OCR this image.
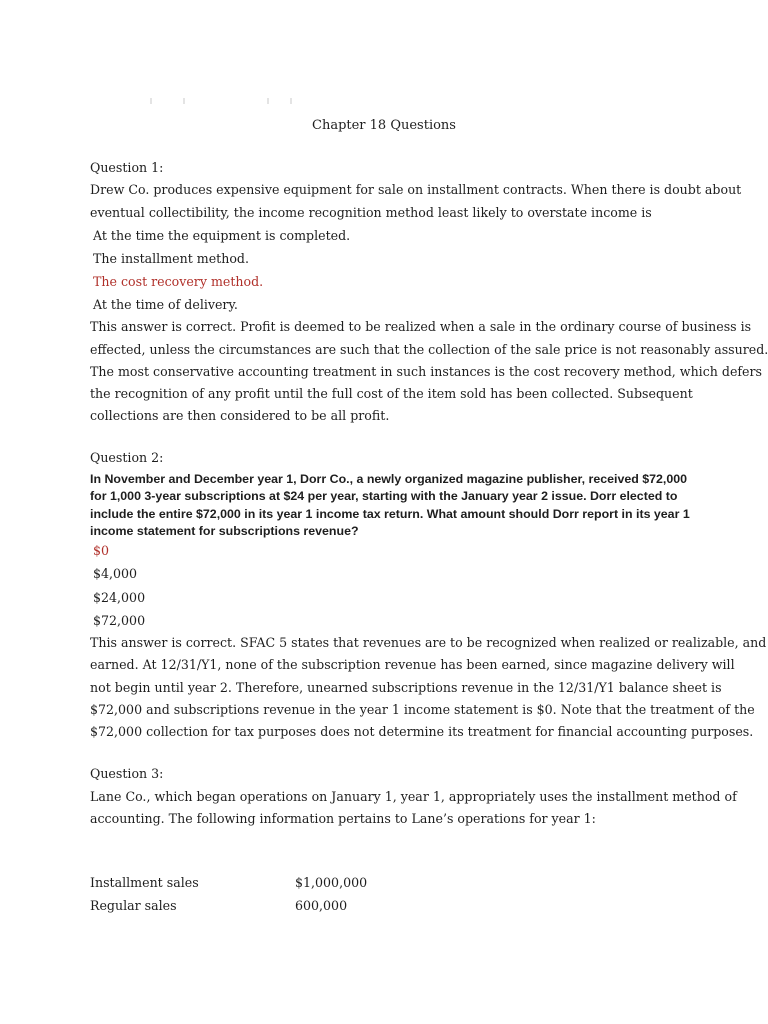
Chapter 18 Questions
Question 1:
Drew Co. produces expensive equipment for sale on installment contracts. When there is doubt about
eventual collectibility, the income recognition method least likely to overstate income is
At the time the equipment is completed.
The installment method.
The cost recovery method.
At the time of delivery.
This answer is correct. Profit is deemed to be realized when a sale in the ordinary course of business is
effected, unless the circumstances are such that the collection of the sale price is not reasonably assured.
The most conservative accounting treatment in such instances is the cost recovery method, which defers
the recognition of any profit until the full cost of the item sold has been collected. Subsequent
collections are then considered to be all profit.
Question 2:
In November and December year 1, Dorr Co., a newly organized magazine publisher, received $72,000
for 1,000 3-year subscriptions at $24 per year, starting with the January year 2 issue. Dorr elected to
include the entire $72,000 in its year 1 income tax return. What amount should Dorr report in its year 1
income statement for subscriptions revenue?
$0
$4,000
$24,000
$72,000
This answer is correct. SFAC 5 states that revenues are to be recognized when realized or realizable, and
earned. At 12/31/Y1, none of the subscription revenue has been earned, since magazine delivery will
not begin until year 2. Therefore, unearned subscriptions revenue in the 12/31/Y1 balance sheet is
$72,000 and subscriptions revenue in the year 1 income statement is $0. Note that the treatment of the
$72,000 collection for tax purposes does not determine its treatment for financial accounting purposes.
Question 3:
Lane Co., which began operations on January 1, year 1, appropriately uses the installment method of
accounting. The following information pertains to Lane’s operations for year 1:
Installment sales	$1,000,000
Regular sales	600,000
